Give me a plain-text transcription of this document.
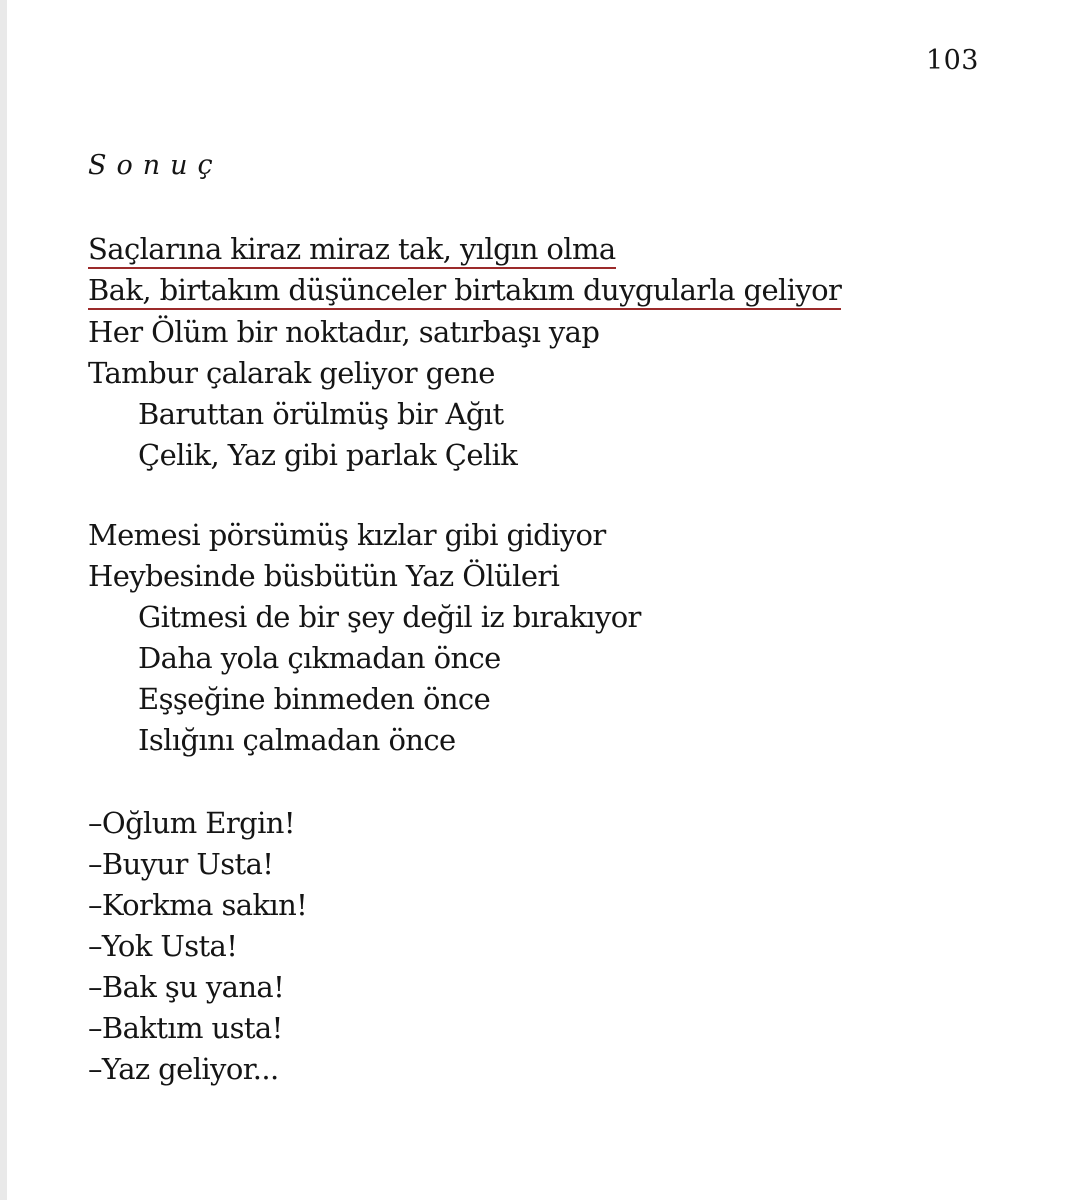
103
Sonuç
Saçlarına kiraz miraz tak, yılgın olma
Bak, birtakım düşünceler birtakım duygularla geliyor
Her Ölüm bir noktadır, satırbaşı yap
Tambur çalarak geliyor gene
Baruttan örülmüş bir Ağıt
Çelik, Yaz gibi parlak Çelik
Memesi pörsümüş kızlar gibi gidiyor
Heybesinde büsbütün Yaz Ölüleri
Gitmesi de bir şey değil iz bırakıyor
Daha yola çıkmadan önce
Eşşeğine binmeden önce
Islığını çalmadan önce
–Oğlum Ergin!
–Buyur Usta!
–Korkma sakın!
–Yok Usta!
–Bak şu yana!
–Baktım usta!
–Yaz geliyor...
